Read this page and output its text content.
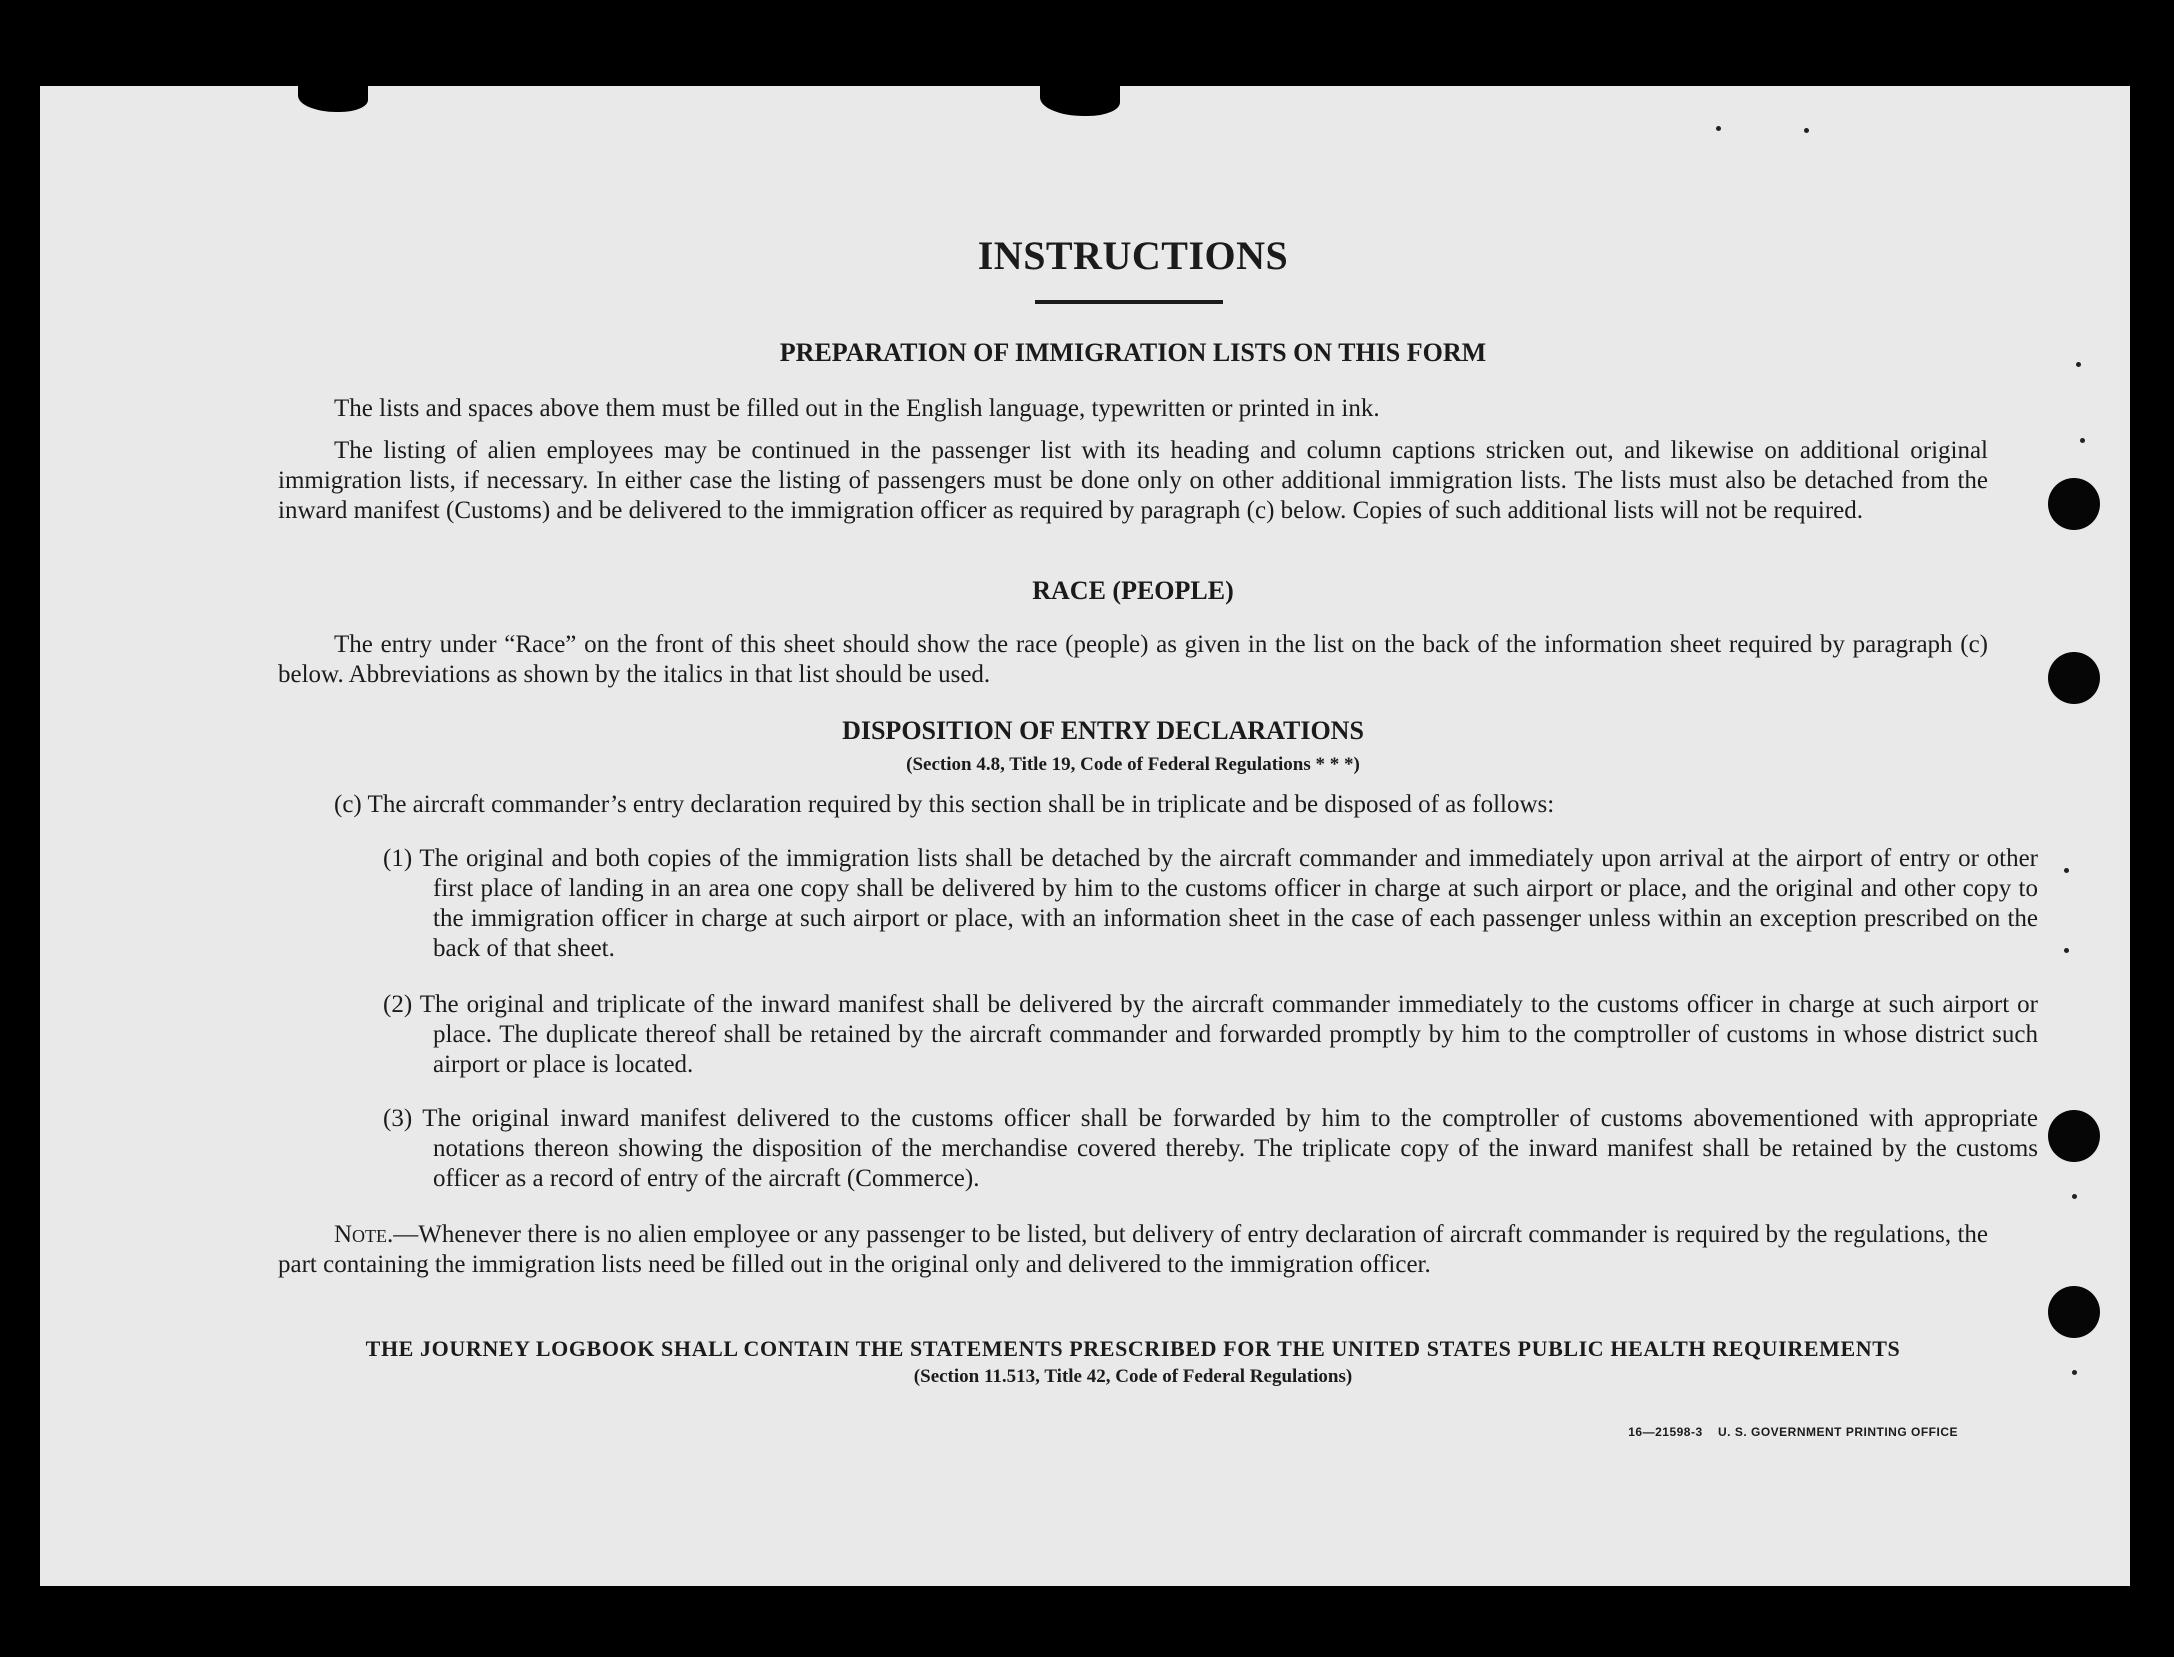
INSTRUCTIONS
PREPARATION OF IMMIGRATION LISTS ON THIS FORM

The lists and spaces above them must be filled out in the English language, typewritten or printed in ink.

The listing of alien employees may be continued in the passenger list with its heading and column captions stricken out, and likewise on additional original immigration lists, if necessary. In either case the listing of passengers must be done only on other additional immigration lists. The lists must also be detached from the inward manifest (Customs) and be delivered to the immigration officer as required by paragraph (c) below. Copies of such additional lists will not be required.

RACE (PEOPLE)

The entry under “Race” on the front of this sheet should show the race (people) as given in the list on the back of the information sheet required by paragraph (c) below. Abbreviations as shown by the italics in that list should be used.

DISPOSITION OF ENTRY DECLARATIONS
(Section 4.8, Title 19, Code of Federal Regulations * * *)

(c) The aircraft commander’s entry declaration required by this section shall be in triplicate and be disposed of as follows:

(1) The original and both copies of the immigration lists shall be detached by the aircraft commander and immediately upon arrival at the airport of entry or other first place of landing in an area one copy shall be delivered by him to the customs officer in charge at such airport or place, and the original and other copy to the immigration officer in charge at such airport or place, with an information sheet in the case of each passenger unless within an exception prescribed on the back of that sheet.

(2) The original and triplicate of the inward manifest shall be delivered by the aircraft commander immediately to the customs officer in charge at such airport or place. The duplicate thereof shall be retained by the aircraft commander and forwarded promptly by him to the comptroller of customs in whose district such airport or place is located.

(3) The original inward manifest delivered to the customs officer shall be forwarded by him to the comptroller of customs abovementioned with appropriate notations thereon showing the disposition of the merchandise covered thereby. The triplicate copy of the inward manifest shall be retained by the customs officer as a record of entry of the aircraft (Commerce).

Note.—Whenever there is no alien employee or any passenger to be listed, but delivery of entry declaration of aircraft commander is required by the regulations, the part containing the immigration lists need be filled out in the original only and delivered to the immigration officer.

THE JOURNEY LOGBOOK SHALL CONTAIN THE STATEMENTS PRESCRIBED FOR THE UNITED STATES PUBLIC HEALTH REQUIREMENTS
(Section 11.513, Title 42, Code of Federal Regulations)
16—21598-3 U. S. GOVERNMENT PRINTING OFFICE
